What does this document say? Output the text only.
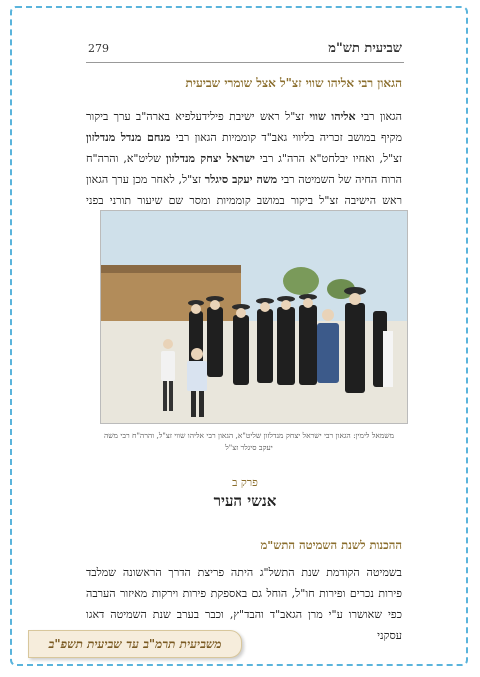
279	שביעית תש"מ
הגאון רבי אליהו שווי זצ"ל אצל שומרי שביעית

הגאון רבי אליהו שווי זצ"ל ראש ישיבת פילידעלפיא בארה"ב ערך ביקור מקיף במושב זכריה בליווי גאב"ד קוממיות הגאון רבי מנחם מנדל מנדלזון זצ"ל, ואחיו יבלחט"א הרה"ג רבי ישראל יצחק מנדלזון שליט"א, והרה"ח הרוח החיה של השמיטה רבי משה יעקב סיגלר זצ"ל, לאחר מכן ערך הגאון ראש הישיבה זצ"ל ביקור במושב קוממיות ומסר שם שיעור תורני בפני

משמאל לימין: הגאון רבי ישראל יצחק מנדלזון שליט"א, הגאון רבי אליהו שווי זצ"ל, והרה"ח רבי משה יעקב סיגלר זצ"ל
פרק ב
אנשי העיר
ההכנות לשנת השמיטה התש"מ

בשמיטה הקודמת שנת התשל"ג היתה פריצת הדרך הראשונה שמלבד פירות נכרים ופירות חו"ל, הוחל גם באספקת פירות וירקות מאיזור הערבה כפי שאושרו ע"י מרן הגאב"ד והבד"ץ, וכבר בערב שנת השמיטה דאגו עסקני

משביעית תרמ"ב עד שביעית תשפ"ב
